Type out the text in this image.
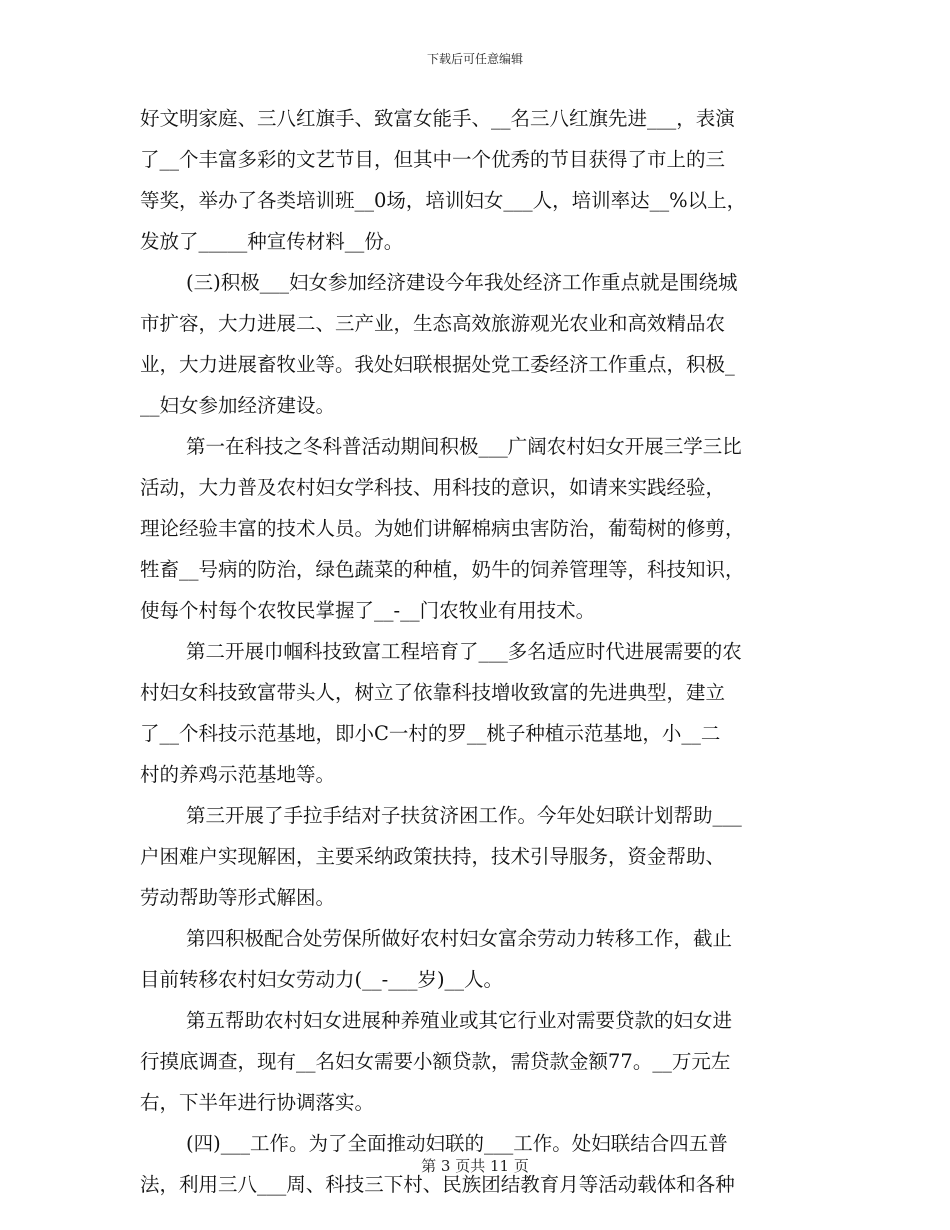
下载后可任意编辑
好文明家庭、三八红旗手、致富女能手、__名三八红旗先进___，表演
了__个丰富多彩的文艺节目，但其中一个优秀的节目获得了市上的三
等奖，举办了各类培训班__0场，培训妇女___人，培训率达__%以上，
发放了_____种宣传材料__份。
(三)积极___妇女参加经济建设今年我处经济工作重点就是围绕城
市扩容，大力进展二、三产业，生态高效旅游观光农业和高效精品农
业，大力进展畜牧业等。我处妇联根据处党工委经济工作重点，积极_
__妇女参加经济建设。
第一在科技之冬科普活动期间积极___广阔农村妇女开展三学三比
活动，大力普及农村妇女学科技、用科技的意识，如请来实践经验，
理论经验丰富的技术人员。为她们讲解棉病虫害防治，葡萄树的修剪，
牲畜__号病的防治，绿色蔬菜的种植，奶牛的饲养管理等，科技知识，
使每个村每个农牧民掌握了__-__门农牧业有用技术。
第二开展巾帼科技致富工程培育了___多名适应时代进展需要的农
村妇女科技致富带头人，树立了依靠科技增收致富的先进典型，建立
了__个科技示范基地，即小C一村的罗__桃子种植示范基地，小__二
村的养鸡示范基地等。
第三开展了手拉手结对子扶贫济困工作。今年处妇联计划帮助___
户困难户实现解困，主要采纳政策扶持，技术引导服务，资金帮助、
劳动帮助等形式解困。
第四积极配合处劳保所做好农村妇女富余劳动力转移工作，截止
目前转移农村妇女劳动力(__-___岁)__人。
第五帮助农村妇女进展种养殖业或其它行业对需要贷款的妇女进
行摸底调查，现有__名妇女需要小额贷款，需贷款金额77。__万元左
右，下半年进行协调落实。
(四)___工作。为了全面推动妇联的___工作。处妇联结合四五普
法，利用三八___周、科技三下村、民族团结教育月等活动载体和各种
第 3 页共 11 页
